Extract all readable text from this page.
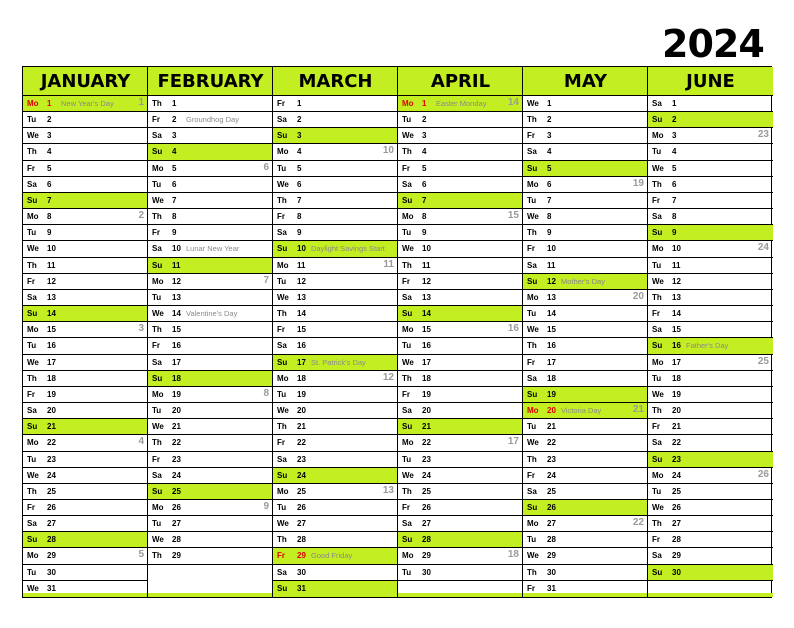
2024
JANUARY
Mo 1 New Year's Day 1
Tu 2
We 3
Th 4
Fr 5
Sa 6
Su 7
Mo 8	2
Tu 9
We 10
Th 11
Fr 12
Sa 13
Su 14
Mo 15	3
Tu 16
We 17
Th 18
Fr 19
Sa 20
Su 21
Mo 22	4
Tu 23
We 24
Th 25
Fr 26
Sa 27
Su 28
Mo 29	5
Tu 30
We 31
FEBRUARY
Th 1
Fr 2 Groundhog Day
Sa 3
Su 4
Mo 5	6
Tu 6
We 7
Th 8
Fr 9
Sa 10 Lunar New Year
Su 11
Mo 12	7
Tu 13
We 14 Valentine's Day
Th 15
Fr 16
Sa 17
Su 18
Mo 19	8
Tu 20
We 21
Th 22
Fr 23
Sa 24
Su 25
Mo 26	9
Tu 27
We 28
Th 29
MARCH
Fr 1
Sa 2
Su 3
Mo 4	10
Tu 5
We 6
Th 7
Fr 8
Sa 9
Su 10 Daylight Savings Start
Mo 11	11
Tu 12
We 13
Th 14
Fr 15
Sa 16
Su 17 St. Patrick's Day
Mo 18	12
Tu 19
We 20
Th 21
Fr 22
Sa 23
Su 24
Mo 25	13
Tu 26
We 27
Th 28
Fr 29 Good Friday
Sa 30
Su 31
APRIL
Mo 1 Easter Monday 14
Tu 2
We 3
Th 4
Fr 5
Sa 6
Su 7
Mo 8	15
Tu 9
We 10
Th 11
Fr 12
Sa 13
Su 14
Mo 15	16
Tu 16
We 17
Th 18
Fr 19
Sa 20
Su 21
Mo 22	17
Tu 23
We 24
Th 25
Fr 26
Sa 27
Su 28
Mo 29	18
Tu 30
MAY
We 1
Th 2
Fr 3
Sa 4
Su 5
Mo 6	19
Tu 7
We 8
Th 9
Fr 10
Sa 11
Su 12 Mother's Day
Mo 13	20
Tu 14
We 15
Th 16
Fr 17
Sa 18
Su 19
Mo 20 Victoria Day	21
Tu 21
We 22
Th 23
Fr 24
Sa 25
Su 26
Mo 27	22
Tu 28
We 29
Th 30
Fr 31
JUNE
Sa 1
Su 2
Mo 3	23
Tu 4
We 5
Th 6
Fr 7
Sa 8
Su 9
Mo 10	24
Tu 11
We 12
Th 13
Fr 14
Sa 15
Su 16 Father's Day
Mo 17	25
Tu 18
We 19
Th 20
Fr 21
Sa 22
Su 23
Mo 24	26
Tu 25
We 26
Th 27
Fr 28
Sa 29
Su 30
